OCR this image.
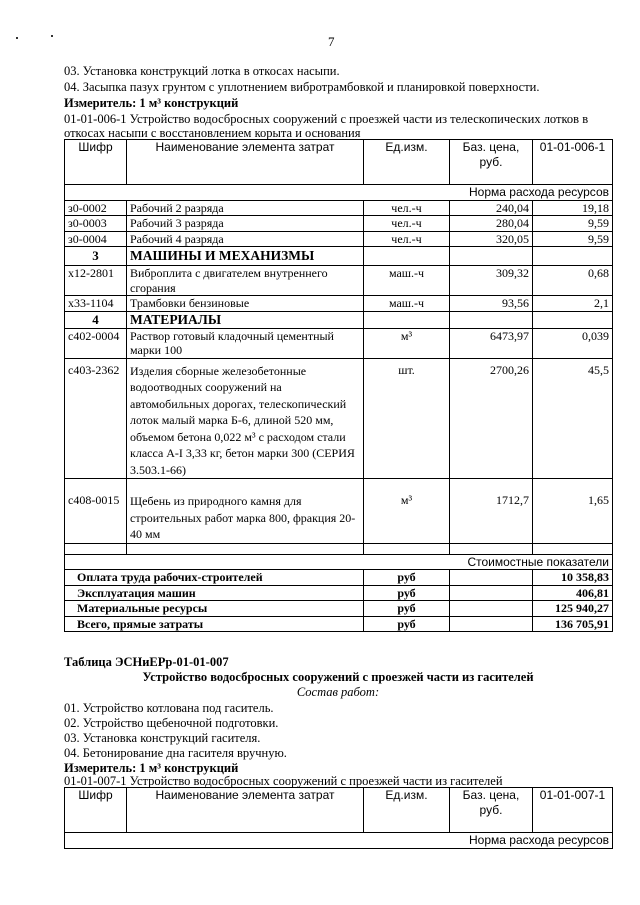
7
03. Установка конструкций лотка в откосах насыпи.
04. Засыпка пазух грунтом с уплотнением вибротрамбовкой и планировкой поверхности.
Измеритель: 1 м³ конструкций
01-01-006-1 Устройство водосбросных сооружений с проезжей части из телескопических лотков в
откосах насыпи с восстановлением корыта и основания
Шифр	Наименование элемента затрат	Ед.изм.	Баз. цена, руб.	01-01-006-1
Норма расхода ресурсов				
з0-0002	Рабочий 2 разряда	чел.-ч	240,04	19,18
з0-0003	Рабочий 3 разряда	чел.-ч	280,04	9,59
з0-0004	Рабочий 4 разряда	чел.-ч	320,05	9,59
3	МАШИНЫ И МЕХАНИЗМЫ			
х12-2801	Виброплита с двигателем внутреннего сгорания	маш.-ч	309,32	0,68
х33-1104	Трамбовки бензиновые	маш.-ч	93,56	2,1
4	МАТЕРИАЛЫ			
с402-0004	Раствор готовый кладочный цементный марки 100	м³	6473,97	0,039
с403-2362	Изделия сборные железобетонные водоотводных сооружений на автомобильных дорогах, телескопический лоток малый марка Б-6, длиной 520 мм, объемом бетона 0,022 м³ с расходом стали класса А-I 3,33 кг, бетон марки 300 (СЕРИЯ 3.503.1-66)	шт.	2700,26	45,5
с408-0015	Щебень из природного камня для строительных работ марка 800, фракция 20-40 мм	м³	1712,7	1,65

Стоимостные показатели				
Оплата труда рабочих-строителей		руб		10 358,83
Эксплуатация машин		руб		406,81
Материальные ресурсы		руб		125 940,27
Всего, прямые затраты		руб		136 705,91
Таблица ЭСНиЕРр-01-01-007
Устройство водосбросных сооружений с проезжей части из гасителей
Состав работ:
01. Устройство котлована под гаситель.
02. Устройство щебеночной подготовки.
03. Установка конструкций гасителя.
04. Бетонирование дна гасителя вручную.
Измеритель: 1 м³ конструкций
01-01-007-1 Устройство водосбросных сооружений с проезжей части из гасителей
Шифр	Наименование элемента затрат	Ед.изм.	Баз. цена, руб.	01-01-007-1
Норма расхода ресурсов
